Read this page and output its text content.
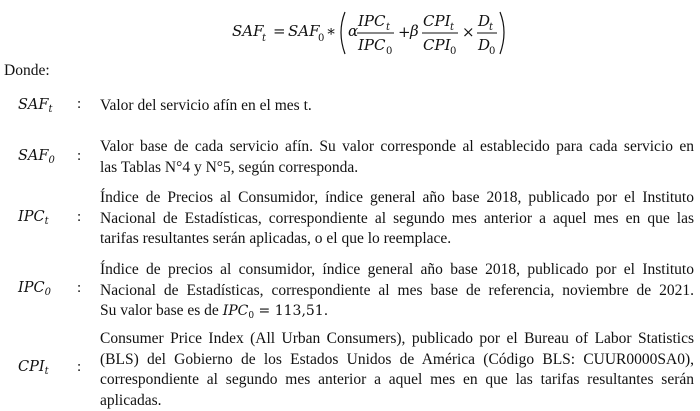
SAF
t = SAF
0 ∗ α
IPC t
IPC 0
+ β
CPI t
CPI 0
×
D
t
D
0
Donde:
$SAF_t$	: Valor del servicio afín en el mes t.
$SAF_0$ :
Valor base de cada servicio afín. Su valor corresponde al establecido para cada servicio en
las Tablas N°4 y N°5, según corresponda.
$IPC_t$	:
Índice de Precios al Consumidor, índice general año base 2018, publicado por el Instituto
Nacional de Estadísticas, correspondiente al segundo mes anterior a aquel mes en que las
tarifas resultantes serán aplicadas, o el que lo reemplace.
$IPC_0$	:
Índice de precios al consumidor, índice general año base 2018, publicado por el Instituto
Nacional de Estadísticas, correspondiente al mes base de referencia, noviembre de 2021.
Su valor base es de $IPC_0 = 113,51$.
$CPI_t$	:
Consumer Price Index (All Urban Consumers), publicado por el Bureau of Labor Statistics
(BLS) del Gobierno de los Estados Unidos de América (Código BLS: CUUR0000SA0),
correspondiente al segundo mes anterior a aquel mes en que las tarifas resultantes serán
aplicadas.
